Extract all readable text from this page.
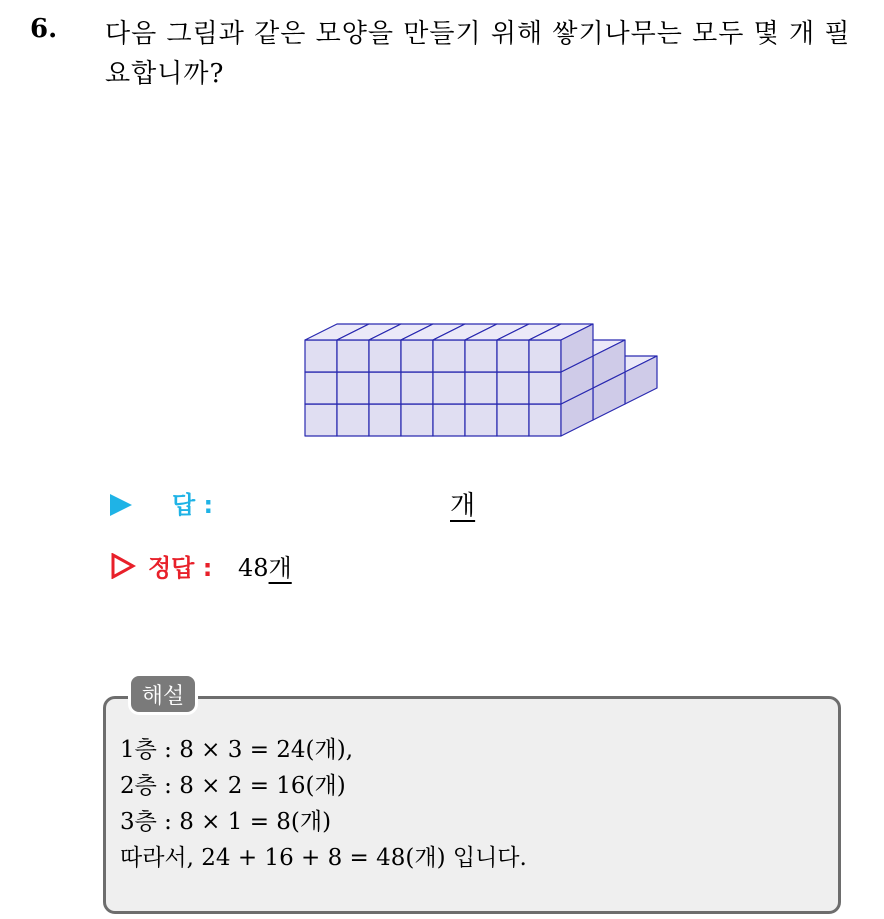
6. 다음 그림과 같은 모양을 만들기 위해 쌓기나무는 모두 몇 개 필요합니까?
답 :	개
정답 : 48개
해설
1층 : 8 × 3 = 24(개),
2층 : 8 × 2 = 16(개)
3층 : 8 × 1 = 8(개)
따라서, 24 + 16 + 8 = 48(개) 입니다.
